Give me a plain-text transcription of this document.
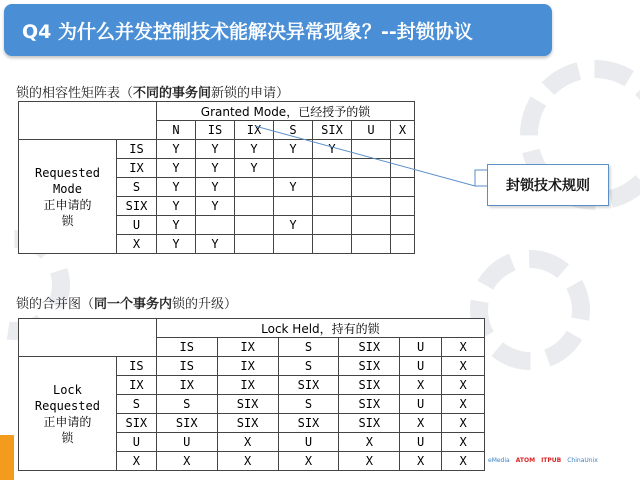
Q4 为什么并发控制技术能解决异常现象？--封锁协议
锁的相容性矩阵表（不同的事务间新锁的申请）
		Granted Mode，已经授予的锁						
		N	IS	IX	S	SIX	U	X

Requested
Mode
正申请的
锁	IS	Y	Y	Y	Y	Y		
	IX	Y	Y	Y				
	S	Y	Y		Y			
	SIX	Y	Y					
	U	Y			Y			
	X	Y	Y					
锁的合并图（同一个事务内锁的升级）
		Lock Held，持有的锁					
		IS	IX	S	SIX	U	X

Lock
Requested
正申请的
锁	IS	IS	IX	S	SIX	U	X
	IX	IX	IX	SIX	SIX	X	X
	S	S	SIX	S	SIX	U	X
	SIX	SIX	SIX	SIX	SIX	X	X
	U	U	X	U	X	U	X
	X	X	X	X	X	X	X
封锁技术规则
eMedia ATOM ITPUB ChinaUnix
